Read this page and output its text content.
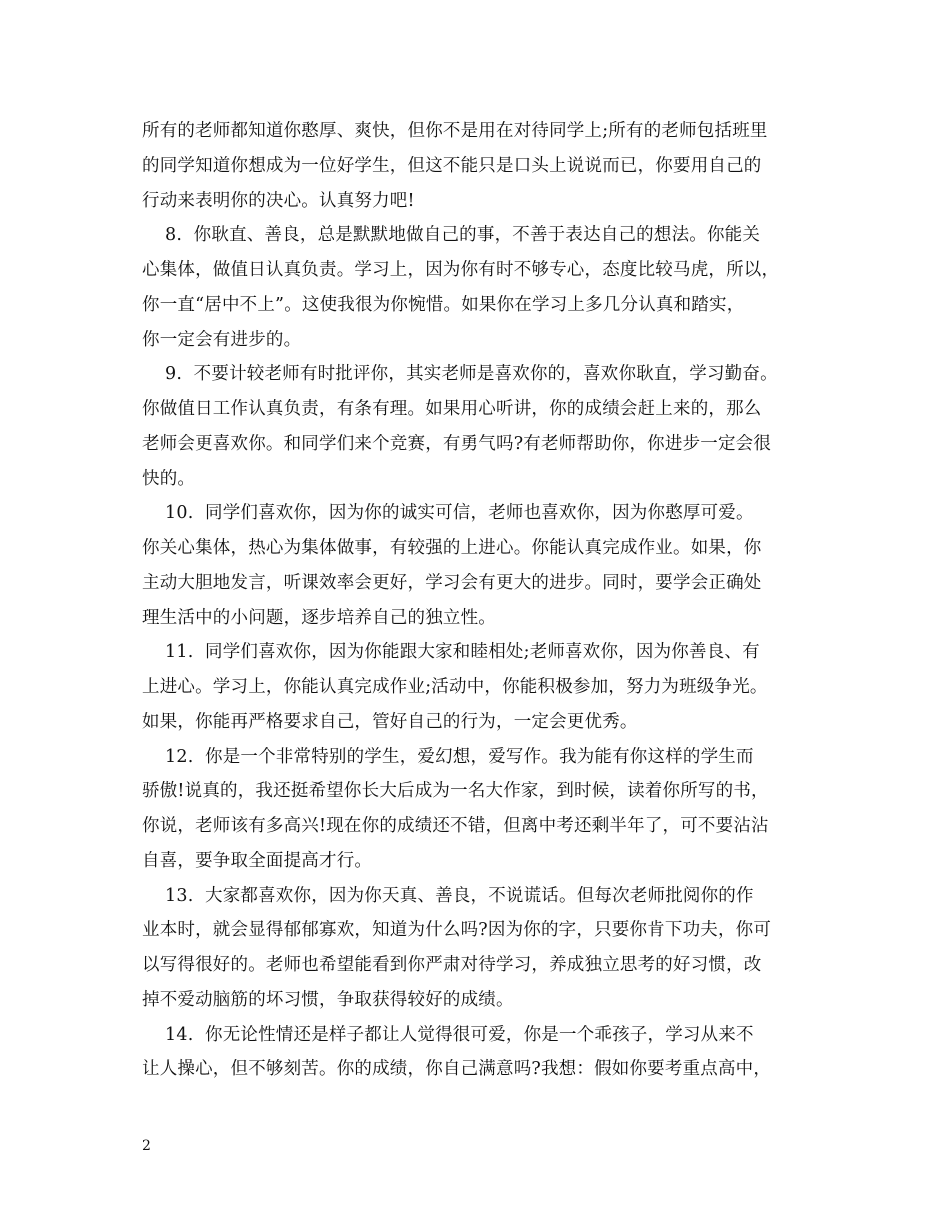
所有的老师都知道你憨厚、爽快，但你不是用在对待同学上;所有的老师包括班里
的同学知道你想成为一位好学生，但这不能只是口头上说说而已，你要用自己的
行动来表明你的决心。认真努力吧!
8.  你耿直、善良，总是默默地做自己的事，不善于表达自己的想法。你能关
心集体，做值日认真负责。学习上，因为你有时不够专心，态度比较马虎，所以，
你一直“居中不上”。这使我很为你惋惜。如果你在学习上多几分认真和踏实，
你一定会有进步的。
9.  不要计较老师有时批评你，其实老师是喜欢你的，喜欢你耿直，学习勤奋。
你做值日工作认真负责，有条有理。如果用心听讲，你的成绩会赶上来的，那么
老师会更喜欢你。和同学们来个竞赛，有勇气吗?有老师帮助你，你进步一定会很
快的。
10.  同学们喜欢你，因为你的诚实可信，老师也喜欢你，因为你憨厚可爱。
你关心集体，热心为集体做事，有较强的上进心。你能认真完成作业。如果，你
主动大胆地发言，听课效率会更好，学习会有更大的进步。同时，要学会正确处
理生活中的小问题，逐步培养自己的独立性。
11.  同学们喜欢你，因为你能跟大家和睦相处;老师喜欢你，因为你善良、有
上进心。学习上，你能认真完成作业;活动中，你能积极参加，努力为班级争光。
如果，你能再严格要求自己，管好自己的行为，一定会更优秀。
12.  你是一个非常特别的学生，爱幻想，爱写作。我为能有你这样的学生而
骄傲!说真的，我还挺希望你长大后成为一名大作家，到时候，读着你所写的书，
你说，老师该有多高兴!现在你的成绩还不错，但离中考还剩半年了，可不要沾沾
自喜，要争取全面提高才行。
13.  大家都喜欢你，因为你天真、善良，不说谎话。但每次老师批阅你的作
业本时，就会显得郁郁寡欢，知道为什么吗?因为你的字，只要你肯下功夫，你可
以写得很好的。老师也希望能看到你严肃对待学习，养成独立思考的好习惯，改
掉不爱动脑筋的坏习惯，争取获得较好的成绩。
14.  你无论性情还是样子都让人觉得很可爱，你是一个乖孩子，学习从来不
让人操心，但不够刻苦。你的成绩，你自己满意吗?我想：假如你要考重点高中，
2
